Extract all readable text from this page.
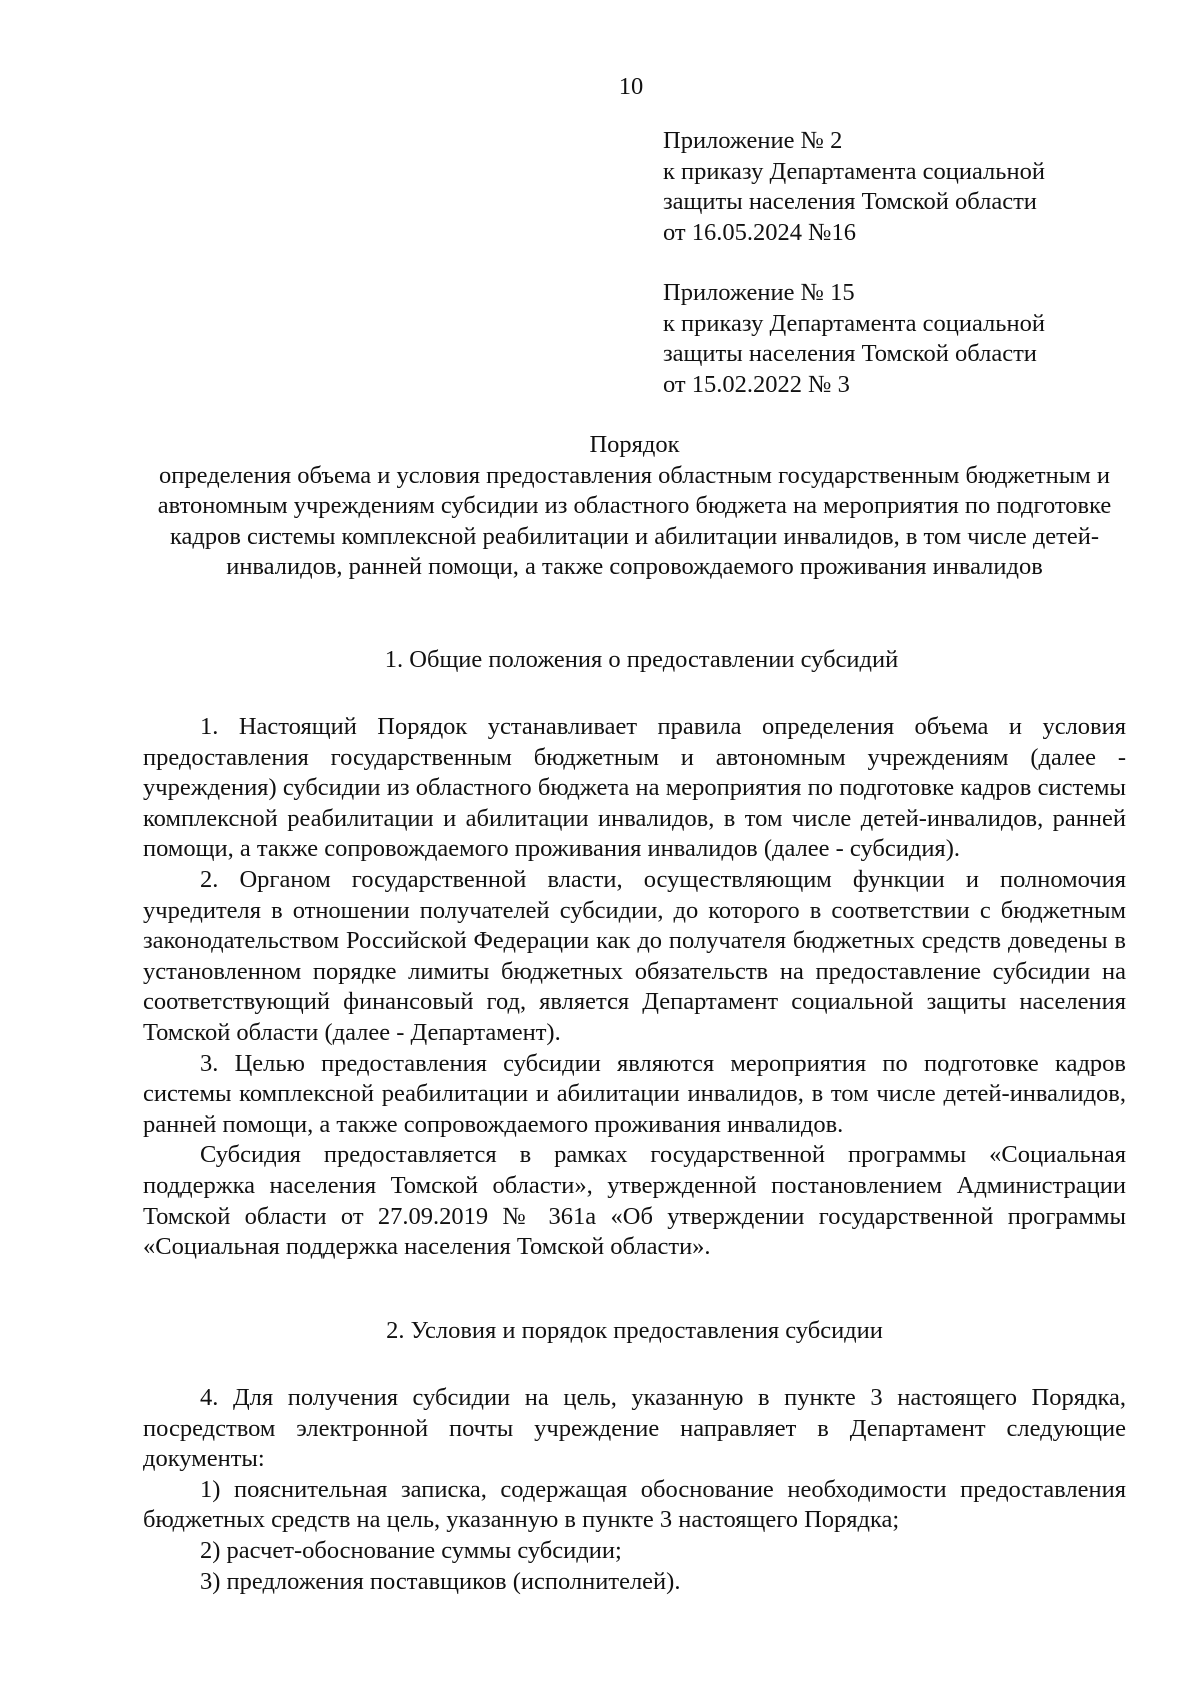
10
Приложение № 2
к приказу Департамента социальной
защиты населения Томской области
от 16.05.2024 №16
Приложение № 15
к приказу Департамента социальной
защиты населения Томской области
от 15.02.2022 № 3
Порядок
определения объема и условия предоставления областным государственным бюджетным и автономным учреждениям субсидии из областного бюджета на мероприятия по подготовке кадров системы комплексной реабилитации и абилитации инвалидов, в том числе детей-инвалидов, ранней помощи, а также сопровождаемого проживания инвалидов
1. Общие положения о предоставлении субсидий

1. Настоящий Порядок устанавливает правила определения объема и условия предоставления государственным бюджетным и автономным учреждениям (далее - учреждения) субсидии из областного бюджета на мероприятия по подготовке кадров системы комплексной реабилитации и абилитации инвалидов, в том числе детей-инвалидов, ранней помощи, а также сопровождаемого проживания инвалидов (далее - субсидия).

2. Органом государственной власти, осуществляющим функции и полномочия учредителя в отношении получателей субсидии, до которого в соответствии с бюджетным законодательством Российской Федерации как до получателя бюджетных средств доведены в установленном порядке лимиты бюджетных обязательств на предоставление субсидии на соответствующий финансовый год, является Департамент социальной защиты населения Томской области (далее - Департамент).

3. Целью предоставления субсидии являются мероприятия по подготовке кадров системы комплексной реабилитации и абилитации инвалидов, в том числе детей-инвалидов, ранней помощи, а также сопровождаемого проживания инвалидов.

Субсидия предоставляется в рамках государственной программы «Социальная поддержка населения Томской области», утвержденной постановлением Администрации Томской области от 27.09.2019 № 361а «Об утверждении государственной программы «Социальная поддержка населения Томской области».

2. Условия и порядок предоставления субсидии

4. Для получения субсидии на цель, указанную в пункте 3 настоящего Порядка, посредством электронной почты учреждение направляет в Департамент следующие документы:

1) пояснительная записка, содержащая обоснование необходимости предоставления бюджетных средств на цель, указанную в пункте 3 настоящего Порядка;

2) расчет-обоснование суммы субсидии;

3) предложения поставщиков (исполнителей).
